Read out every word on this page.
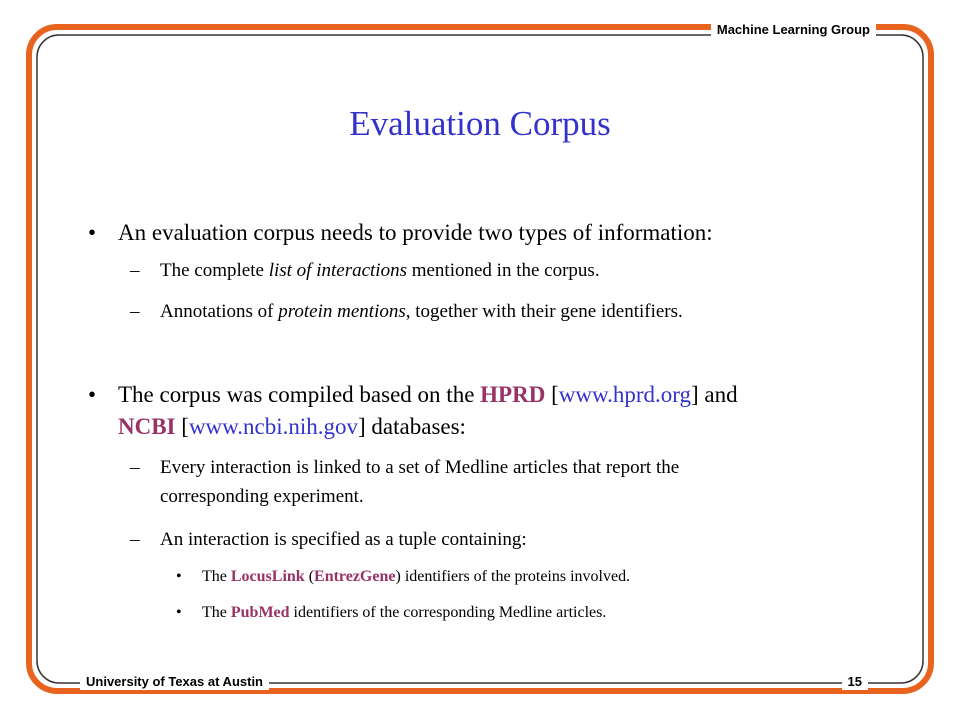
Machine Learning Group
University of Texas at Austin	15
Evaluation Corpus
• An evaluation corpus needs to provide two types of information:
– The complete list of interactions mentioned in the corpus.
– Annotations of protein mentions, together with their gene identifiers.
• The corpus was compiled based on the HPRD [www.hprd.org] and
NCBI [www.ncbi.nih.gov] databases:
– Every interaction is linked to a set of Medline articles that report the
corresponding experiment.
– An interaction is specified as a tuple containing:
• The LocusLink (EntrezGene) identifiers of the proteins involved.
• The PubMed identifiers of the corresponding Medline articles.
